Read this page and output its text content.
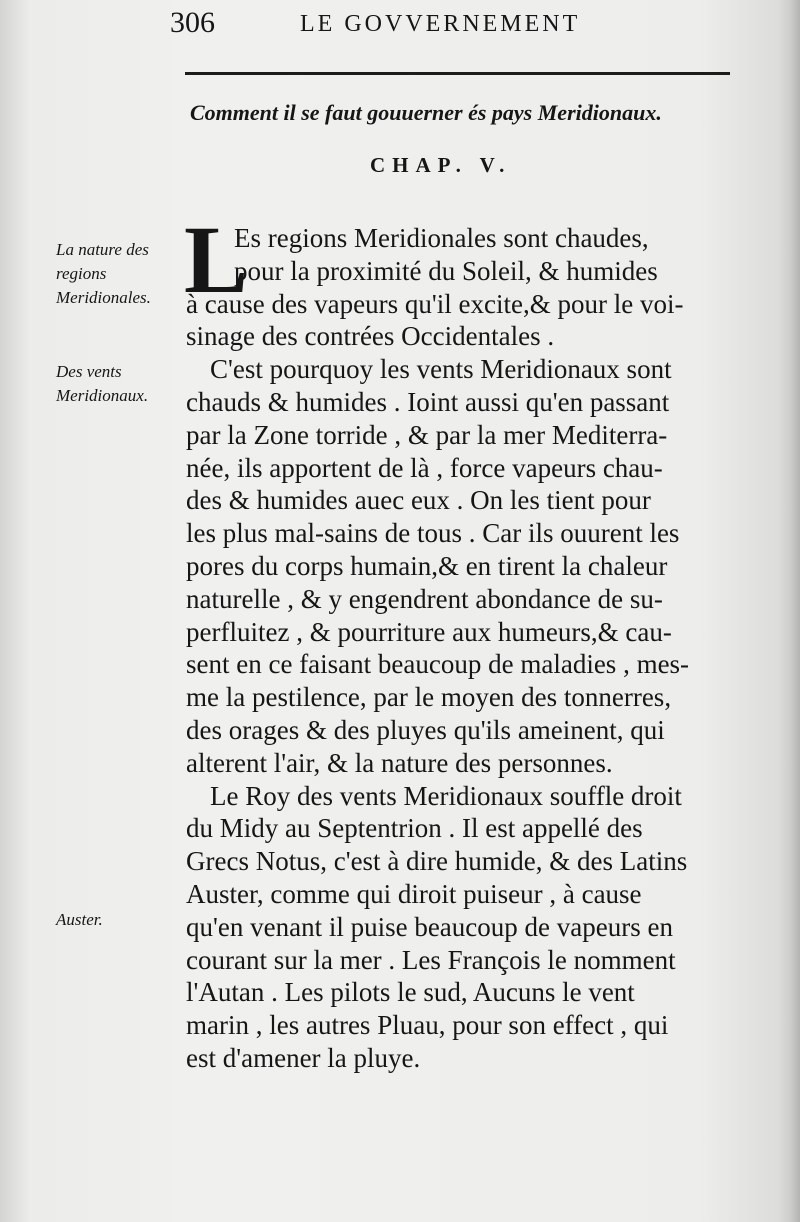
306	LE GOVVERNEMENT
Comment il se faut gouuerner és pays Meridionaux.
CHAP. V.
L
La nature des regions Meridionales.
Des vents Meridionaux.
Auster.
Es regions Meridionales sont chaudes,
pour la proximité du Soleil, & humides
à cause des vapeurs qu'il excite,& pour le voi-
sinage des contrées Occidentales .
C'est pourquoy les vents Meridionaux sont
chauds & humides . Ioint aussi qu'en passant
par la Zone torride , & par la mer Mediterra-
née, ils apportent de là , force vapeurs chau-
des & humides auec eux . On les tient pour
les plus mal-sains de tous . Car ils ouurent les
pores du corps humain,& en tirent la chaleur
naturelle , & y engendrent abondance de su-
perfluitez , & pourriture aux humeurs,& cau-
sent en ce faisant beaucoup de maladies , mes-
me la pestilence, par le moyen des tonnerres,
des orages & des pluyes qu'ils ameinent, qui
alterent l'air, & la nature des personnes.
Le Roy des vents Meridionaux souffle droit
du Midy au Septentrion . Il est appellé des
Grecs Notus, c'est à dire humide, & des Latins
Auster, comme qui diroit puiseur , à cause
qu'en venant il puise beaucoup de vapeurs en
courant sur la mer . Les François le nomment
l'Autan . Les pilots le sud, Aucuns le vent
marin , les autres Pluau, pour son effect , qui
est d'amener la pluye.
